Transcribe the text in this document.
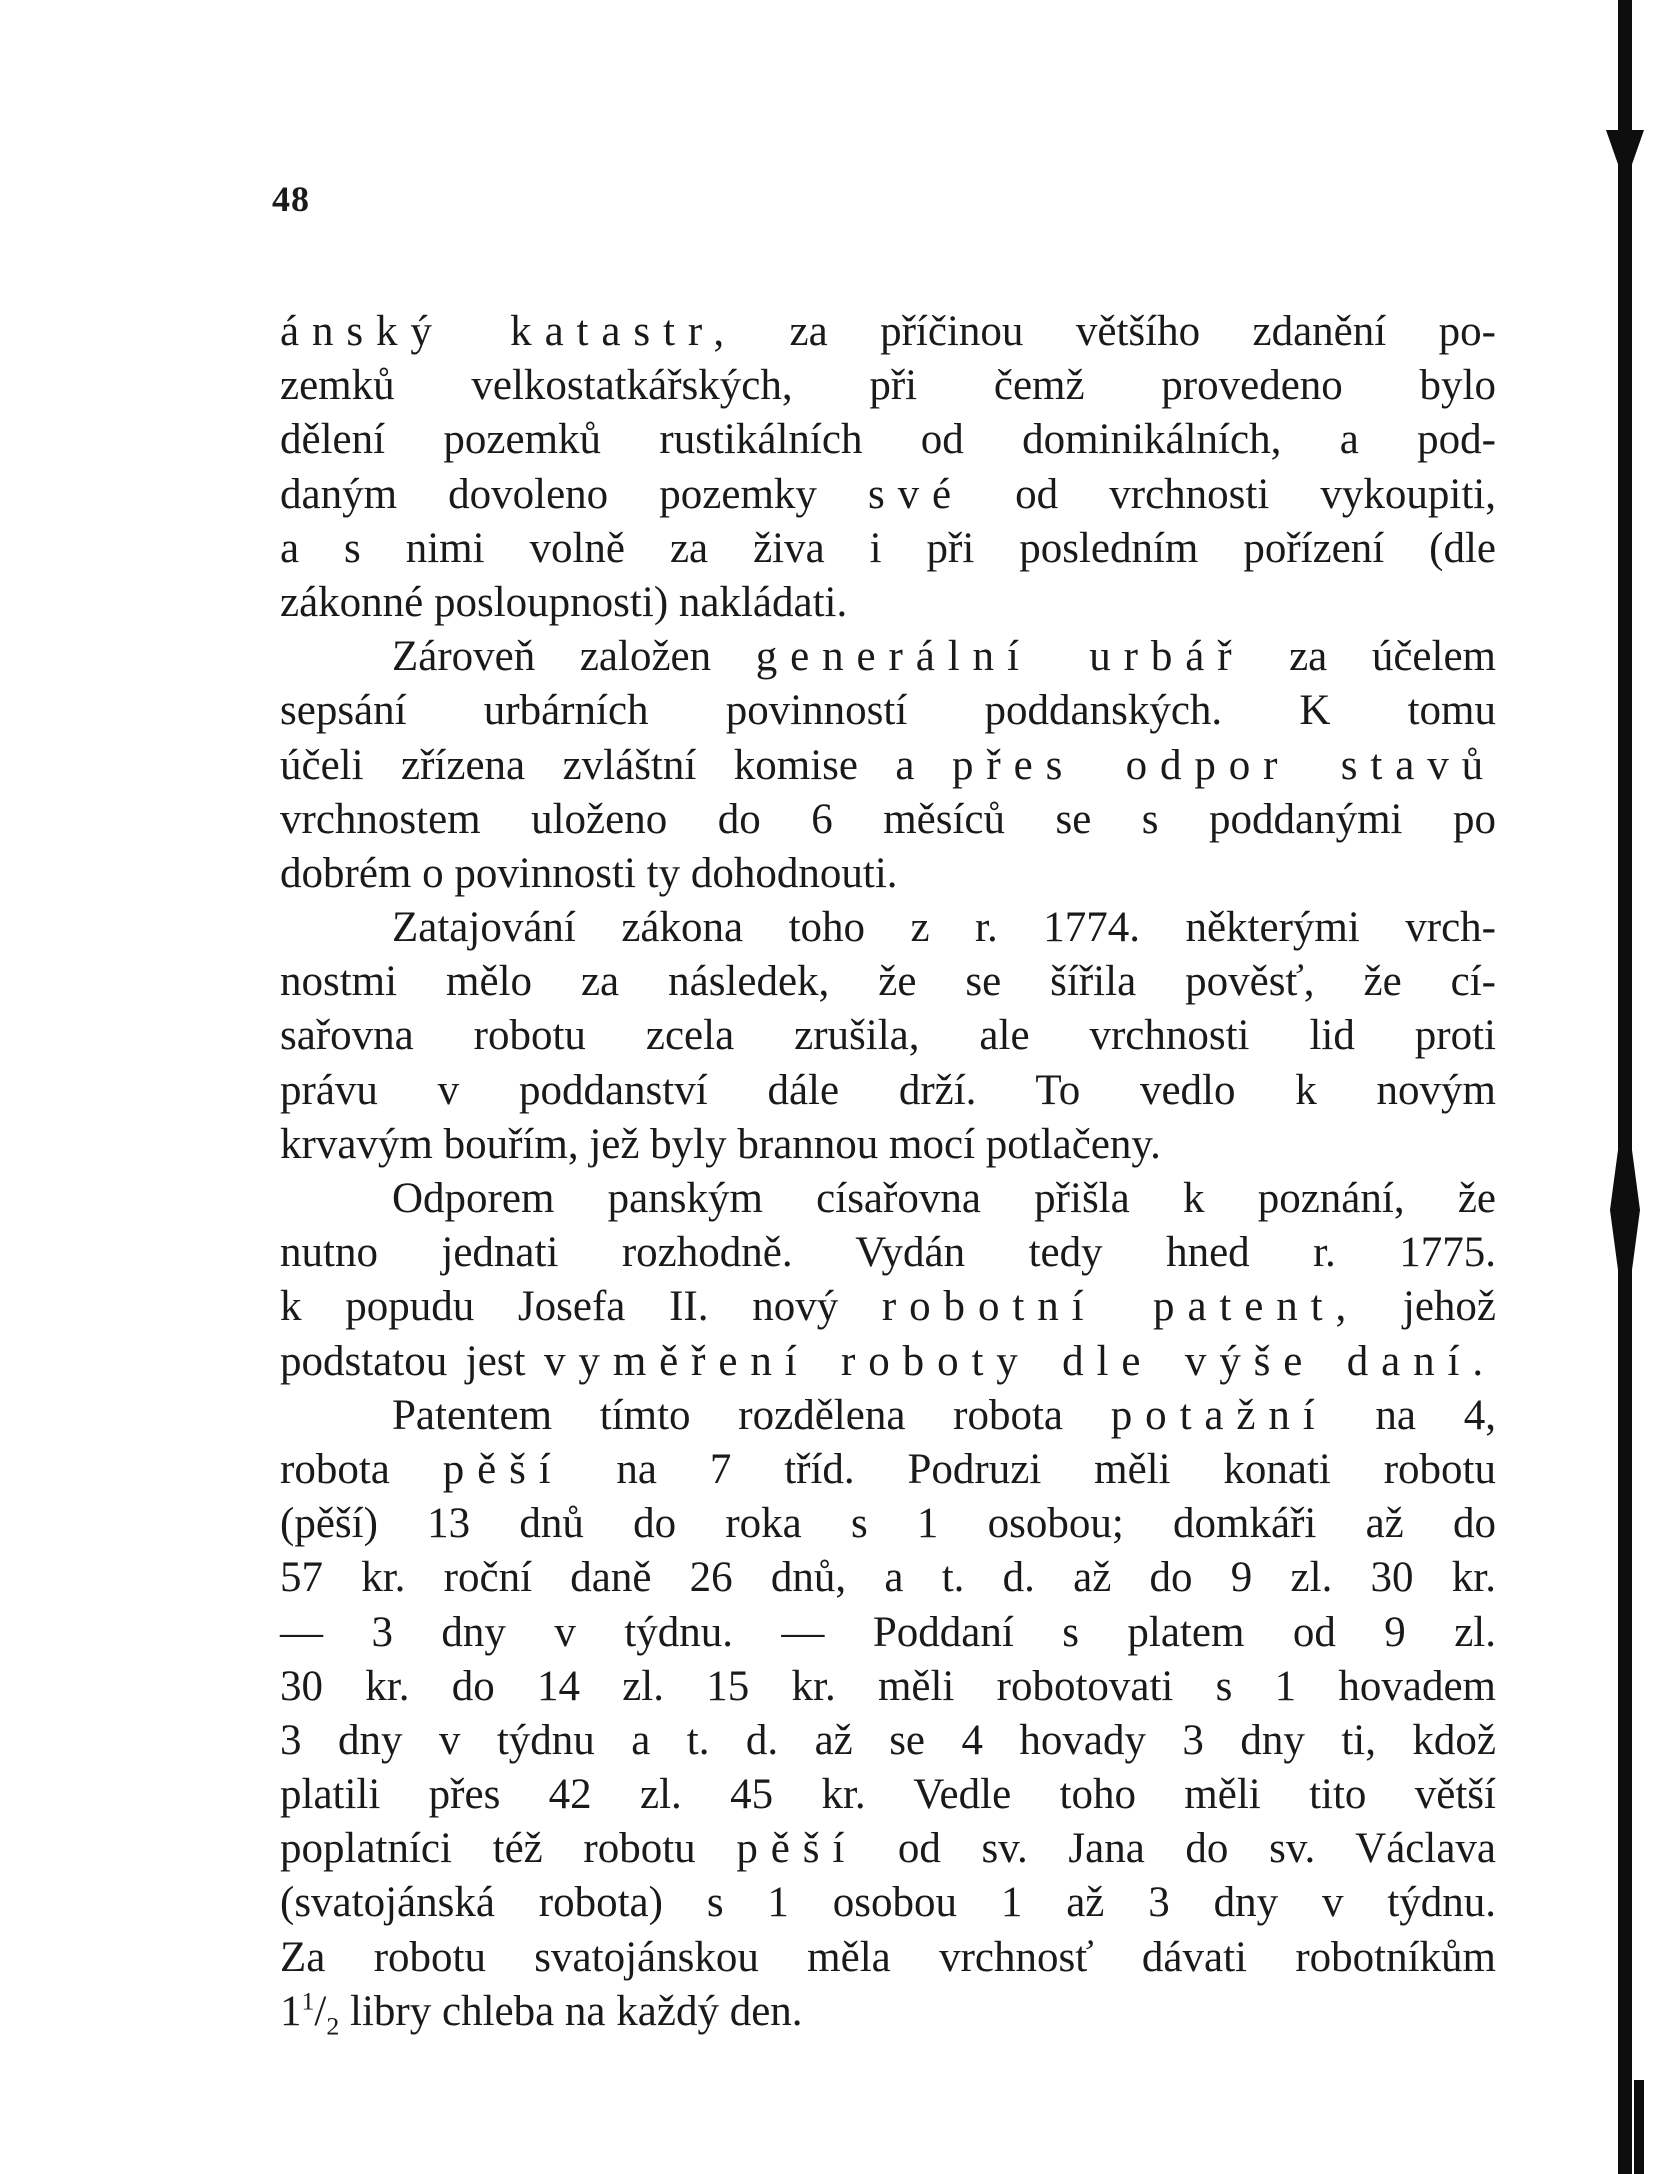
48
ánský katastr, za příčinou většího zdanění po-
zemků velkostatkářských, při čemž provedeno bylo
dělení pozemků rustikálních od dominikálních, a pod-
daným dovoleno pozemky své od vrchnosti vykoupiti,
a s nimi volně za živa i při posledním pořízení (dle
zákonné posloupnosti) nakládati.
Zároveň založen generální urbář za účelem
sepsání urbárních povinností poddanských. K tomu
účeli zřízena zvláštní komise a přes odpor stavů
vrchnostem uloženo do 6 měsíců se s poddanými po
dobrém o povinnosti ty dohodnouti.
Zatajování zákona toho z r. 1774. některými vrch-
nostmi mělo za následek, že se šířila pověsť, že cí-
sařovna robotu zcela zrušila, ale vrchnosti lid proti
právu v poddanství dále drží. To vedlo k novým
krvavým bouřím, jež byly brannou mocí potlačeny.
Odporem panským císařovna přišla k poznání, že
nutno jednati rozhodně. Vydán tedy hned r. 1775.
k popudu Josefa II. nový robotní patent, jehož
podstatou jest vyměření roboty dle výše daní.
Patentem tímto rozdělena robota potažní na 4,
robota pěší na 7 tříd. Podruzi měli konati robotu
(pěší) 13 dnů do roka s 1 osobou; domkáři až do
57 kr. roční daně 26 dnů, a t. d. až do 9 zl. 30 kr.
— 3 dny v týdnu. — Poddaní s platem od 9 zl.
30 kr. do 14 zl. 15 kr. měli robotovati s 1 hovadem
3 dny v týdnu a t. d. až se 4 hovady 3 dny ti, kdož
platili přes 42 zl. 45 kr. Vedle toho měli tito větší
poplatníci též robotu pěší od sv. Jana do sv. Václava
(svatojánská robota) s 1 osobou 1 až 3 dny v týdnu.
Za robotu svatojánskou měla vrchnosť dávati robotníkům
$1^1/_2$ libry chleba na každý den.
